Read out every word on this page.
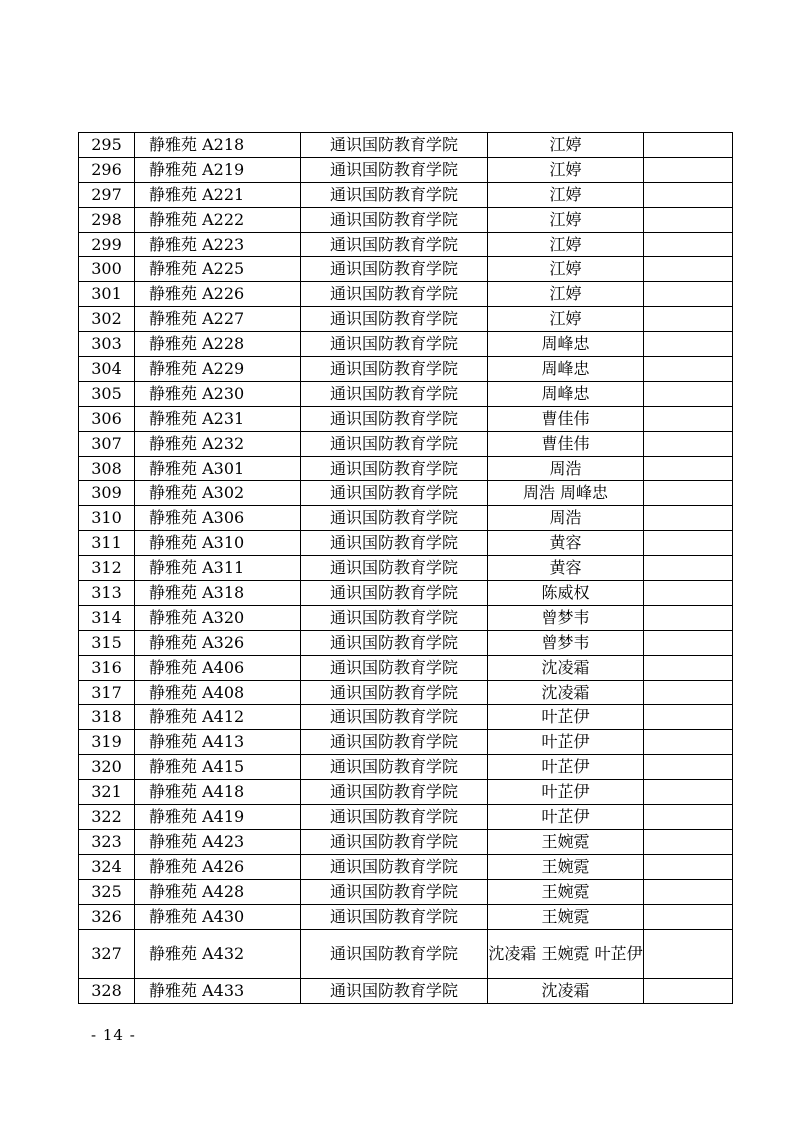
295	静雅苑 A218	通识国防教育学院	江婷	
296	静雅苑 A219	通识国防教育学院	江婷	
297	静雅苑 A221	通识国防教育学院	江婷	
298	静雅苑 A222	通识国防教育学院	江婷	
299	静雅苑 A223	通识国防教育学院	江婷	
300	静雅苑 A225	通识国防教育学院	江婷	
301	静雅苑 A226	通识国防教育学院	江婷	
302	静雅苑 A227	通识国防教育学院	江婷	
303	静雅苑 A228	通识国防教育学院	周峰忠	
304	静雅苑 A229	通识国防教育学院	周峰忠	
305	静雅苑 A230	通识国防教育学院	周峰忠	
306	静雅苑 A231	通识国防教育学院	曹佳伟	
307	静雅苑 A232	通识国防教育学院	曹佳伟	
308	静雅苑 A301	通识国防教育学院	周浩	
309	静雅苑 A302	通识国防教育学院	周浩 周峰忠	
310	静雅苑 A306	通识国防教育学院	周浩	
311	静雅苑 A310	通识国防教育学院	黄容	
312	静雅苑 A311	通识国防教育学院	黄容	
313	静雅苑 A318	通识国防教育学院	陈威权	
314	静雅苑 A320	通识国防教育学院	曾梦韦	
315	静雅苑 A326	通识国防教育学院	曾梦韦	
316	静雅苑 A406	通识国防教育学院	沈凌霜	
317	静雅苑 A408	通识国防教育学院	沈凌霜	
318	静雅苑 A412	通识国防教育学院	叶芷伊	
319	静雅苑 A413	通识国防教育学院	叶芷伊	
320	静雅苑 A415	通识国防教育学院	叶芷伊	
321	静雅苑 A418	通识国防教育学院	叶芷伊	
322	静雅苑 A419	通识国防教育学院	叶芷伊	
323	静雅苑 A423	通识国防教育学院	王婉霓	
324	静雅苑 A426	通识国防教育学院	王婉霓	
325	静雅苑 A428	通识国防教育学院	王婉霓	
326	静雅苑 A430	通识国防教育学院	王婉霓	
327	静雅苑 A432	通识国防教育学院	沈凌霜 王婉霓 叶芷伊	
328	静雅苑 A433	通识国防教育学院	沈凌霜	
- 14 -
